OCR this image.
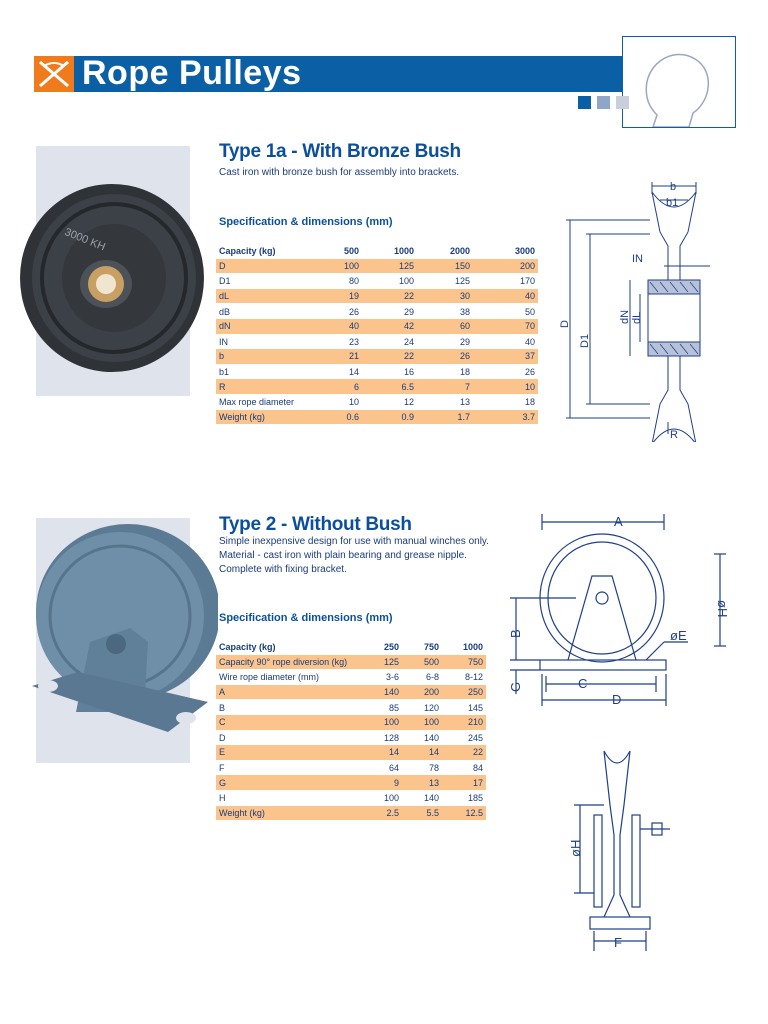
Rope Pulleys
3000 KH
Type 1a - With Bronze Bush
Cast iron with bronze bush for assembly into brackets.
Specification & dimensions (mm)
Capacity (kg)	500	1000	2000	3000
D	100	125	150	200
D1	80	100	125	170
dL	19	22	30	40
dB	26	29	38	50
dN	40	42	60	70
IN	23	24	29	40
b	21	22	26	37
b1	14	16	18	26
R	6	6.5	7	10
Max rope diameter	10	12	13	18
Weight (kg)	0.6	0.9	1.7	3.7
b
b1
IN
D
D1
dN dL
R
Type 2 - Without Bush
Simple inexpensive design for use with manual winches only.
Material - cast iron with plain bearing and grease nipple.
Complete with fixing bracket.
Specification & dimensions (mm)
Capacity (kg)	250	750	1000
Capacity 90° rope diversion (kg)	125	500	750
Wire rope diameter (mm)	3-6	6-8	8-12
A	140	200	250
B	85	120	145
C	100	100	210
D	128	140	245
E	14	14	22
F	64	78	84
G	9	13	17
H	100	140	185
Weight (kg)	2.5	5.5	12.5
A
B
C
D
øE
G
øH
øH
F
